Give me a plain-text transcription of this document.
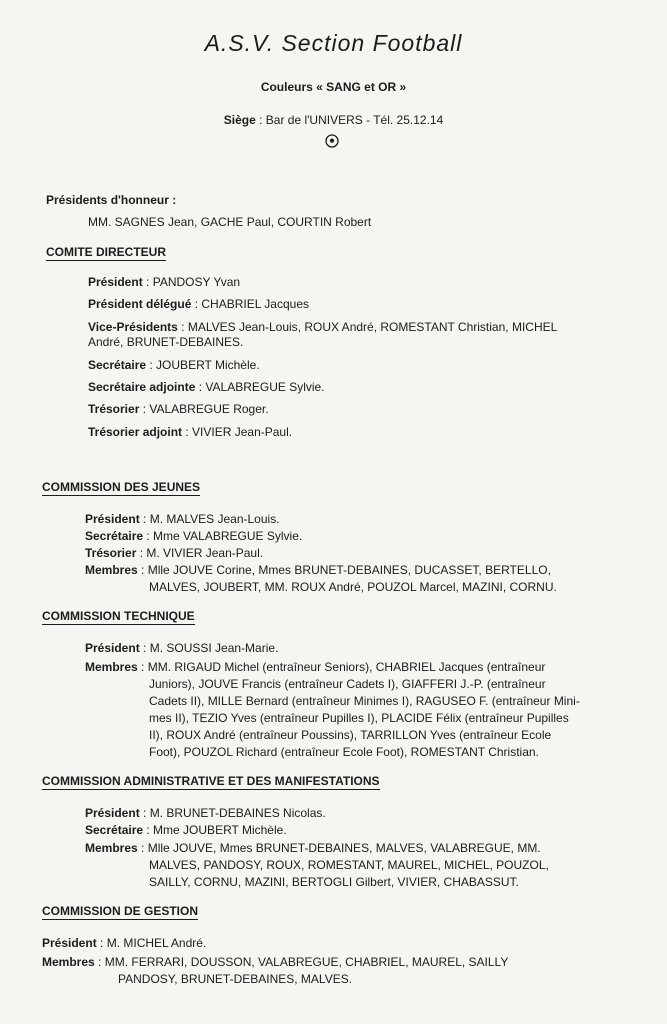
A.S.V. Section Football
Couleurs « SANG et OR »
Siège : Bar de l'UNIVERS - Tél. 25.12.14
Présidents d'honneur :
MM. SAGNES Jean, GACHE Paul, COURTIN Robert
COMITE DIRECTEUR
Président : PANDOSY Yvan
Président délégué : CHABRIEL Jacques
Vice-Présidents : MALVES Jean-Louis, ROUX André, ROMESTANT Christian, MICHEL
André, BRUNET-DEBAINES.
Secrétaire : JOUBERT Michèle.
Secrétaire adjointe : VALABREGUE Sylvie.
Trésorier : VALABREGUE Roger.
Trésorier adjoint : VIVIER Jean-Paul.
COMMISSION DES JEUNES
Président : M. MALVES Jean-Louis.
Secrétaire : Mme VALABREGUE Sylvie.
Trésorier : M. VIVIER Jean-Paul.
Membres : Mlle JOUVE Corine, Mmes BRUNET-DEBAINES, DUCASSET, BERTELLO,
MALVES, JOUBERT, MM. ROUX André, POUZOL Marcel, MAZINI, CORNU.
COMMISSION TECHNIQUE
Président : M. SOUSSI Jean-Marie.
Membres : MM. RIGAUD Michel (entraîneur Seniors), CHABRIEL Jacques (entraîneur
Juniors), JOUVE Francis (entraîneur Cadets I), GIAFFERI J.-P. (entraîneur
Cadets II), MILLE Bernard (entraîneur Minimes I), RAGUSEO F. (entraîneur Mini-
mes II), TEZIO Yves (entraîneur Pupilles I), PLACIDE Félix (entraîneur Pupilles
II), ROUX André (entraîneur Poussins), TARRILLON Yves (entraîneur Ecole
Foot), POUZOL Richard (entraîneur Ecole Foot), ROMESTANT Christian.
COMMISSION ADMINISTRATIVE ET DES MANIFESTATIONS
Président : M. BRUNET-DEBAINES Nicolas.
Secrétaire : Mme JOUBERT Michèle.
Membres : Mlle JOUVE, Mmes BRUNET-DEBAINES, MALVES, VALABREGUE, MM.
MALVES, PANDOSY, ROUX, ROMESTANT, MAUREL, MICHEL, POUZOL,
SAILLY, CORNU, MAZINI, BERTOGLI Gilbert, VIVIER, CHABASSUT.
COMMISSION DE GESTION
Président : M. MICHEL André.
Membres : MM. FERRARI, DOUSSON, VALABREGUE, CHABRIEL, MAUREL, SAILLY
PANDOSY, BRUNET-DEBAINES, MALVES.
